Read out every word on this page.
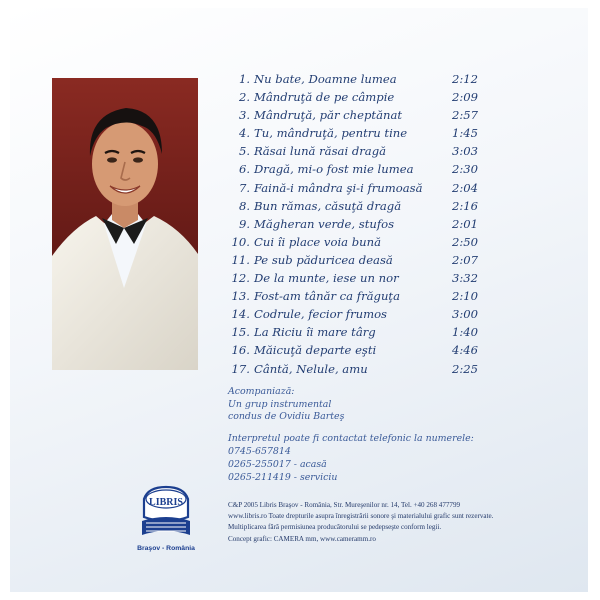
1. Nu bate, Doamne lumea	2:12
2. Mândruţă de pe câmpie	2:09
3. Mândruţă, păr cheptănat	2:57
4. Tu, mândruţă, pentru tine	1:45
5. Răsai lună răsai dragă	3:03
6. Dragă, mi-o fost mie lumea	2:30
7. Faină-i mândra şi-i frumoasă	2:04
8. Bun rămas, căsuţă dragă	2:16
9. Măgheran verde, stufos	2:01
10. Cui îi place voia bună	2:50
11. Pe sub păduricea deasă	2:07
12. De la munte, iese un nor	3:32
13. Fost-am tânăr ca frăguţa	2:10
14. Codrule, fecior frumos	3:00
15. La Riciu îi mare târg	1:40
16. Măicuţă departe eşti	4:46
17. Cântă, Nelule, amu	2:25
Acompaniază:
Un grup instrumental
condus de Ovidiu Barteş
Interpretul poate fi contactat telefonic la numerele:
0745-657814
0265-255017 - acasă
0265-211419 - serviciu
LIBRIS
Braşov - România
C&P 2005 Libris Braşov - România, Str. Mureşenilor nr. 14, Tel. +40 268 477799
www.libris.ro Toate drepturile asupra înregistrării sonore şi materialului grafic sunt rezervate.
Multiplicarea fără permisiunea producătorului se pedepseşte conform legii.
Concept grafic: CAMERA mm, www.cameramm.ro
